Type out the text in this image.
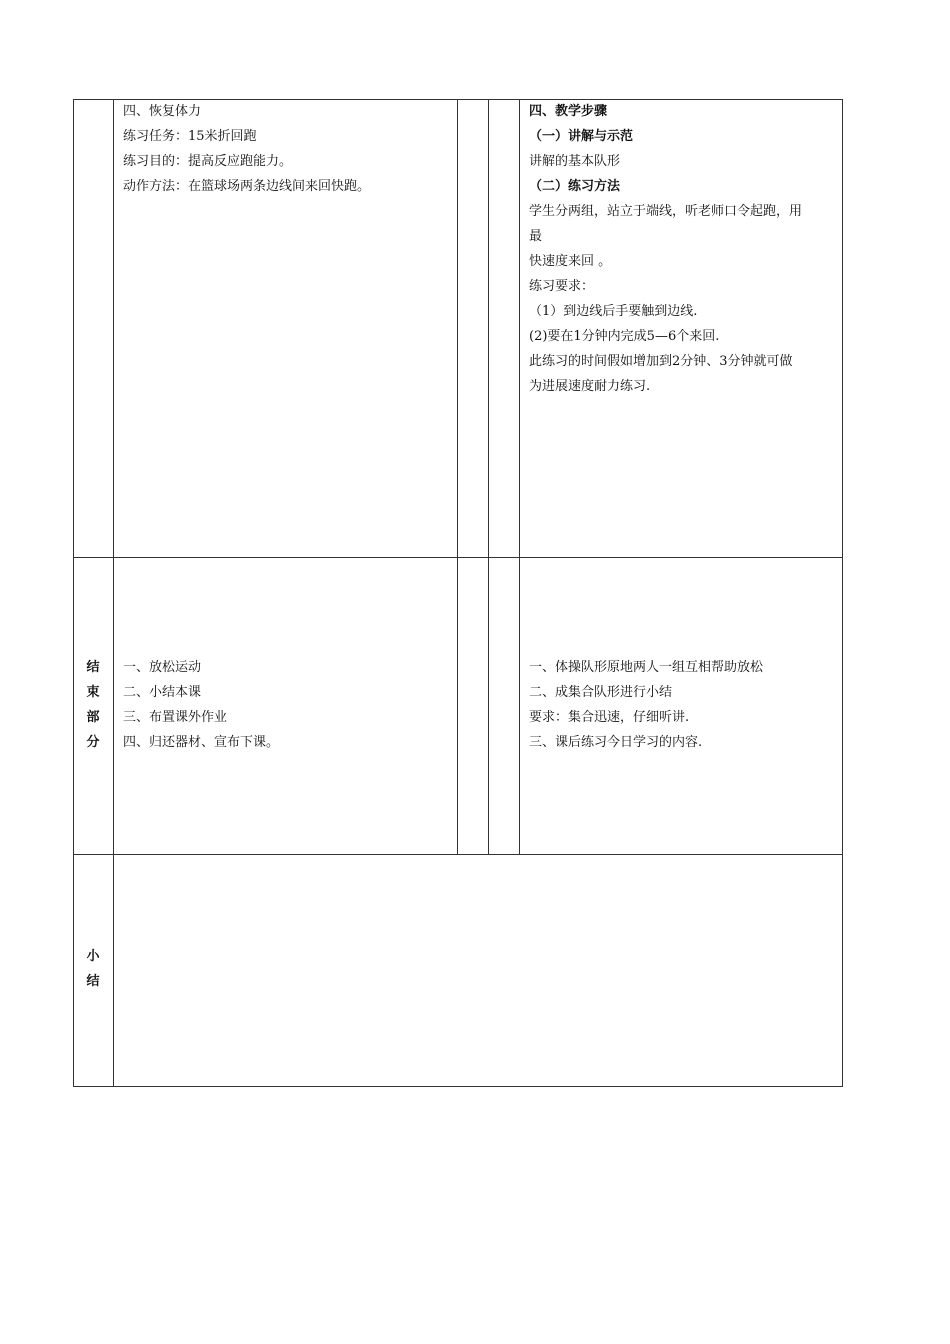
四、恢复体力

练习任务：15米折回跑

练习目的：提高反应跑能力。

动作方法：在篮球场两条边线间来回快跑。

四、教学步骤

（一）讲解与示范

讲解的基本队形

（二）练习方法

学生分两组，站立于端线，听老师口令起跑，用

最

快速度来回 。

练习要求：

（1）到边线后手要触到边线.

(2)要在1分钟内完成5—6个来回.

此练习的时间假如增加到2分钟、3分钟就可做

为进展速度耐力练习.

结
束
部
分

一、放松运动

二、小结本课

三、布置课外作业

四、归还器材、宣布下课。

一、体操队形原地两人一组互相帮助放松

二、成集合队形进行小结

要求：集合迅速，仔细听讲.

三、课后练习今日学习的内容.

小
结
